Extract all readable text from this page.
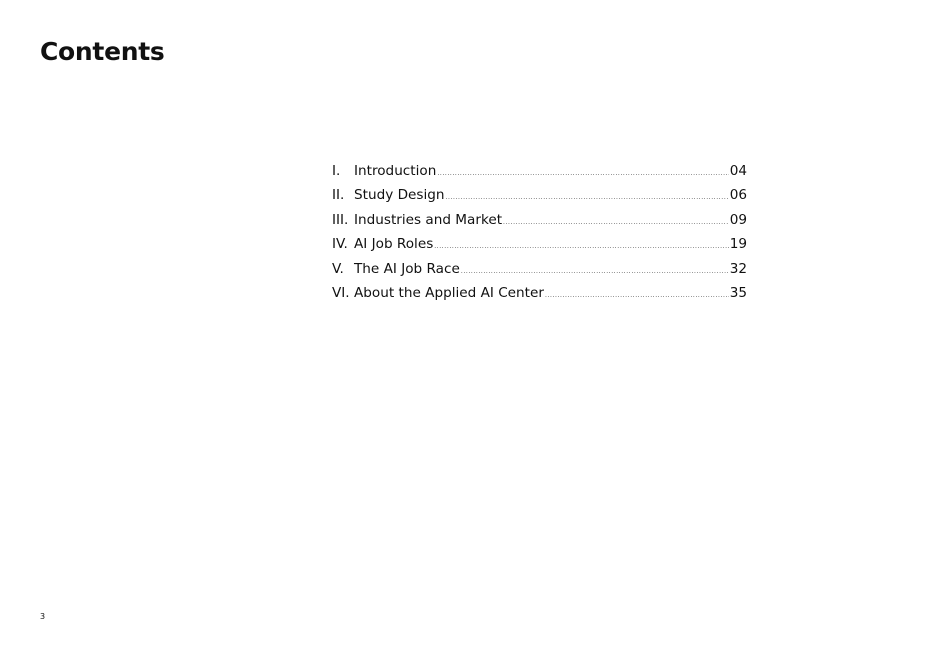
Contents
I.	Introduction .....	04
II. Study Design .....	06
III. Industries and Market .....	09
IV. AI Job Roles .....	19
V. The AI Job Race .....	32
VI. About the Applied AI Center .....	35
3
